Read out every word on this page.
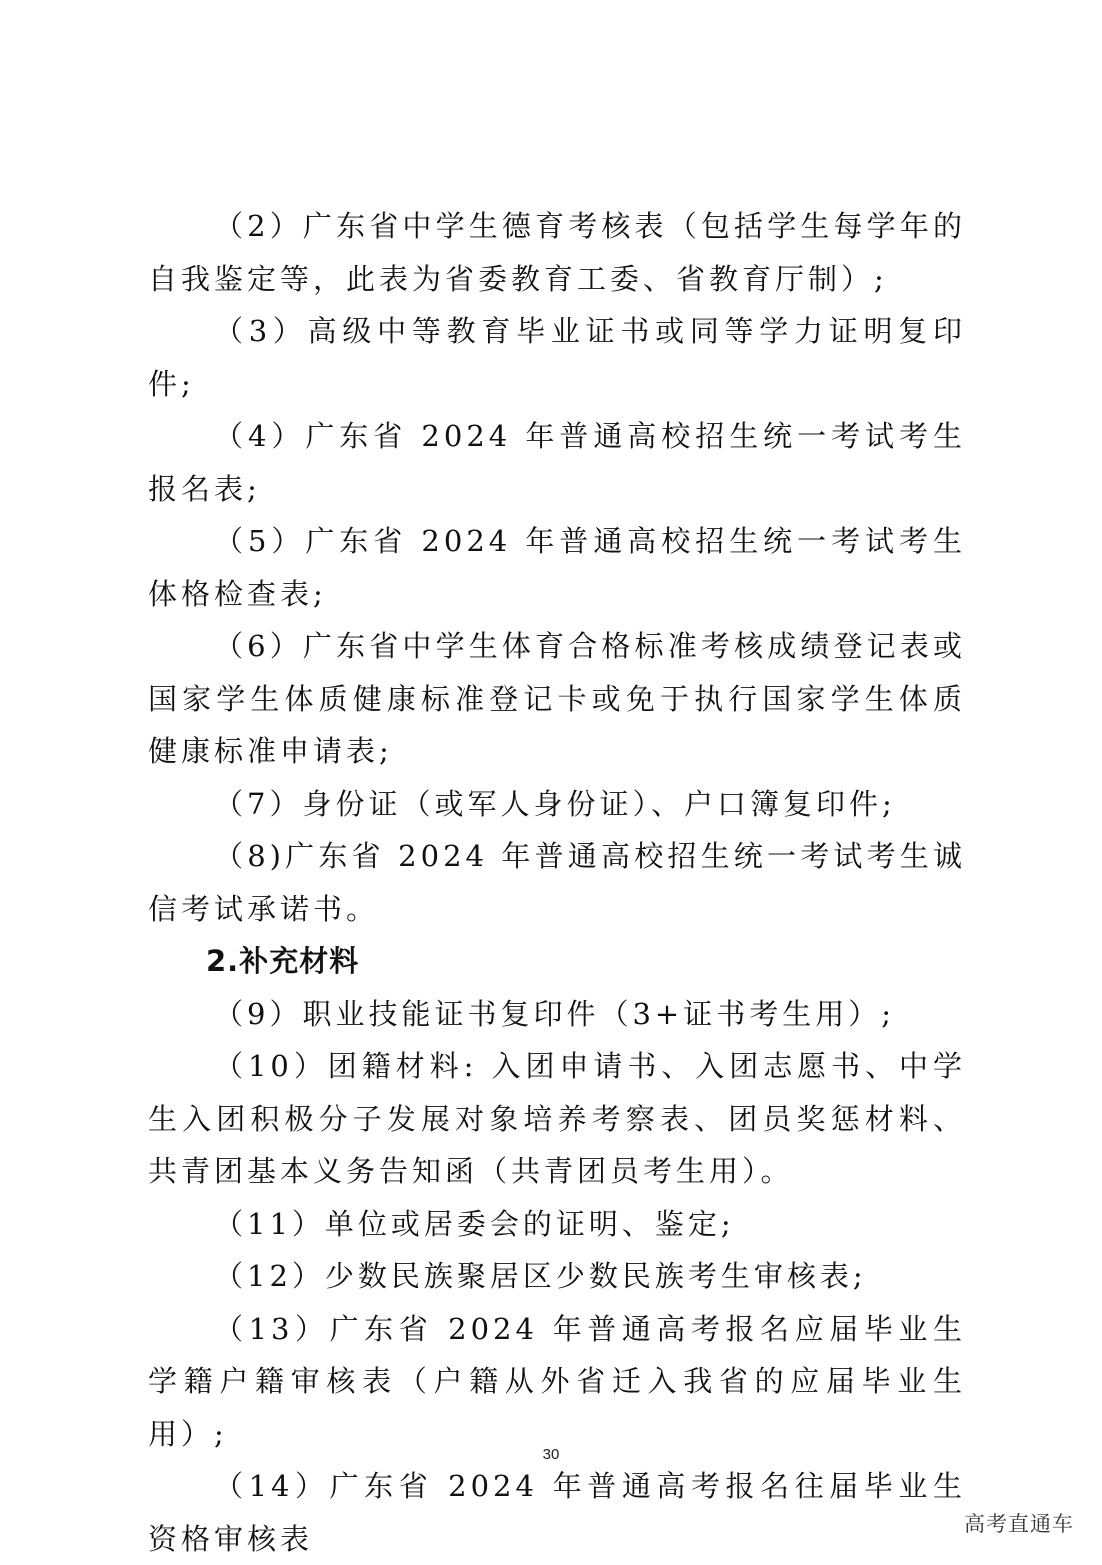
（2）广东省中学生德育考核表（包括学生每学年的自我鉴定等，此表为省委教育工委、省教育厅制）;

（3）高级中等教育毕业证书或同等学力证明复印件;

（4）广东省 2024 年普通高校招生统一考试考生报名表;

（5）广东省 2024 年普通高校招生统一考试考生体格检查表;

（6）广东省中学生体育合格标准考核成绩登记表或国家学生体质健康标准登记卡或免于执行国家学生体质健康标准申请表;

（7）身份证（或军人身份证）、户口簿复印件;

（8)广东省 2024 年普通高校招生统一考试考生诚信考试承诺书。

2.补充材料

（9）职业技能证书复印件（3+证书考生用）;

（10）团籍材料: 入团申请书、入团志愿书、中学生入团积极分子发展对象培养考察表、团员奖惩材料、共青团基本义务告知函（共青团员考生用）。

（11）单位或居委会的证明、鉴定;

（12）少数民族聚居区少数民族考生审核表;

（13）广东省 2024 年普通高考报名应届毕业生学籍户籍审核表（户籍从外省迁入我省的应届毕业生用）;

（14）广东省 2024 年普通高考报名往届毕业生资格审核表

30
高考直通车
